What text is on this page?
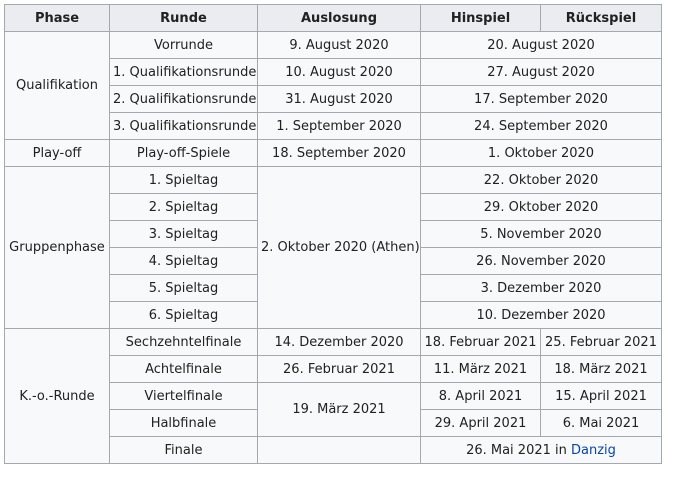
Phase	Runde	Auslosung	Hinspiel	Rückspiel
Qualifikation	Vorrunde	9. August 2020	20. August 2020	
	1. Qualifikationsrunde	10. August 2020	27. August 2020	
	2. Qualifikationsrunde	31. August 2020	17. September 2020	
	3. Qualifikationsrunde	1. September 2020	24. September 2020	
Play-off	Play-off-Spiele	18. September 2020	1. Oktober 2020	
Gruppenphase	1. Spieltag	2. Oktober 2020 (Athen)	22. Oktober 2020	
	2. Spieltag		29. Oktober 2020	
	3. Spieltag		5. November 2020	
	4. Spieltag		26. November 2020	
	5. Spieltag		3. Dezember 2020	
	6. Spieltag		10. Dezember 2020	
K.-o.-Runde	Sechzehntelfinale	14. Dezember 2020	18. Februar 2021	25. Februar 2021
	Achtelfinale	26. Februar 2021	11. März 2021	18. März 2021
	Viertelfinale	19. März 2021	8. April 2021	15. April 2021
	Halbfinale		29. April 2021	6. Mai 2021
	Finale		26. Mai 2021 in Danzig	
